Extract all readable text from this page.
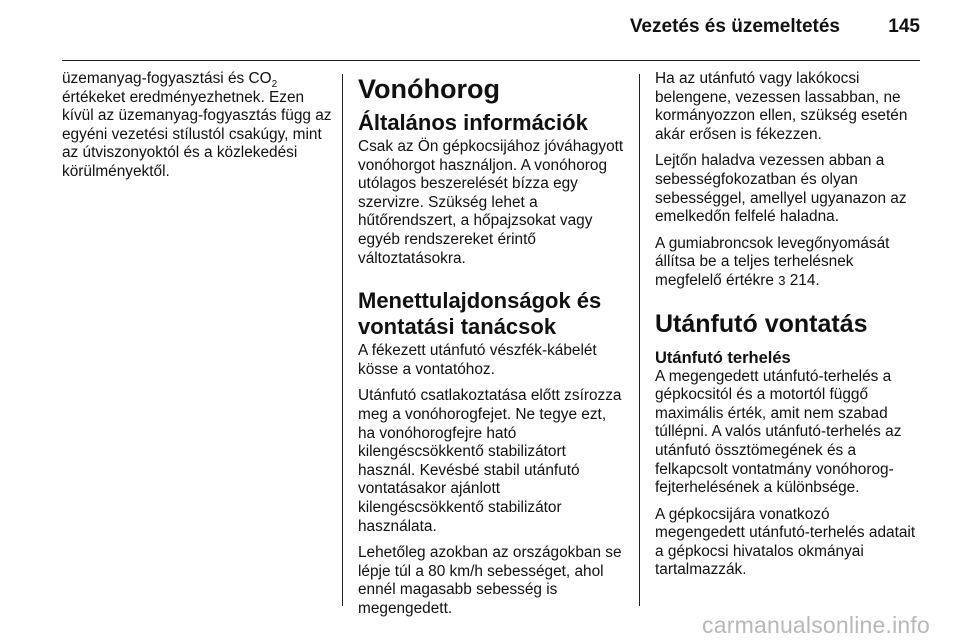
Vezetés és üzemeltetés	145

üzemanyag-fogyasztási és $CO_2$
értékeket eredményezhetnek. Ezen kívül az üzemanyag-fogyasztás függ az egyéni vezetési stílustól csakúgy, mint az útviszonyoktól és a közlekedési körülményektől.

Vonóhorog
Általános információk

Csak az Ön gépkocsijához jóváhagyott vonóhorgot használjon. A vonóhorog utólagos beszerelését bízza egy szervizre. Szükség lehet a hűtőrendszert, a hőpajzsokat vagy egyéb rendszereket érintő változtatásokra.

Menettulajdonságok és vontatási tanácsok

A fékezett utánfutó vészfék-kábelét kösse a vontatóhoz.

Utánfutó csatlakoztatása előtt zsírozza meg a vonóhorogfejet. Ne tegye ezt, ha vonóhorogfejre ható kilengéscsökkentő stabilizátort használ. Kevésbé stabil utánfutó vontatásakor ajánlott kilengéscsökkentő stabilizátor használata.

Lehetőleg azokban az országokban se lépje túl a 80 km/h sebességet, ahol ennél magasabb sebesség is megengedett.

Ha az utánfutó vagy lakókocsi belengene, vezessen lassabban, ne kormányozzon ellen, szükség esetén akár erősen is fékezzen.

Lejtőn haladva vezessen abban a sebességfokozatban és olyan sebességgel, amellyel ugyanazon az emelkedőn felfelé haladna.

A gumiabroncsok levegőnyomását állítsa be a teljes terhelésnek megfelelő értékre 3 214.

Utánfutó vontatás
Utánfutó terhelés

A megengedett utánfutó-terhelés a gépkocsitól és a motortól függő maximális érték, amit nem szabad túllépni. A valós utánfutó-terhelés az utánfutó össztömegének és a felkapcsolt vontatmány vonóhorog-fejterhelésének a különbsége.

A gépkocsijára vonatkozó megengedett utánfutó-terhelés adatait a gépkocsi hivatalos okmányai tartalmazzák.

carmanualsonline.info
